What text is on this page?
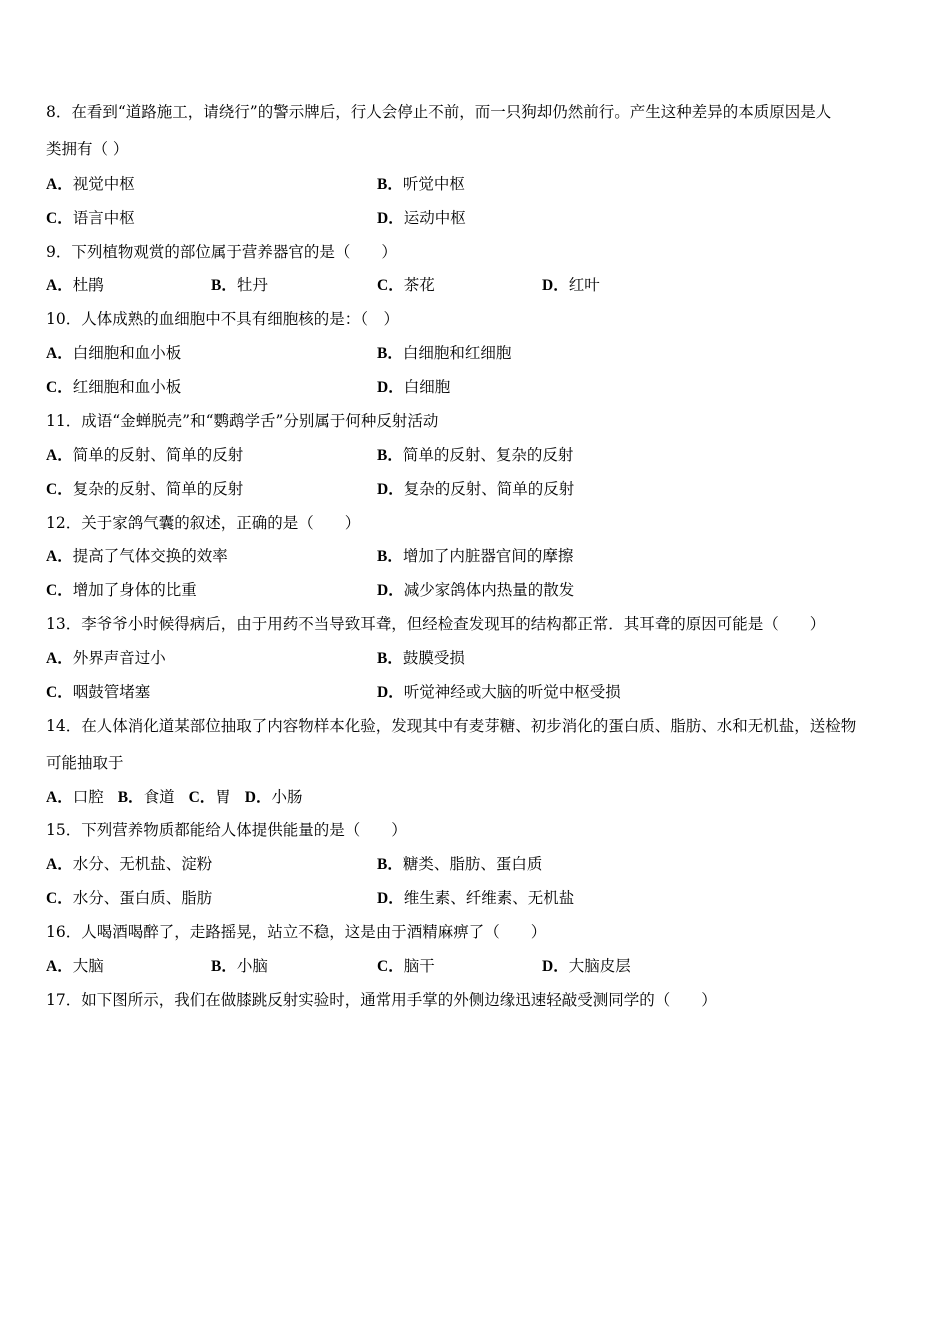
8．在看到“道路施工，请绕行”的警示牌后，行人会停止不前，而一只狗却仍然前行。产生这种差异的本质原因是人
类拥有（ ）
A．视觉中枢	B．听觉中枢
C．语言中枢	D．运动中枢
9．下列植物观赏的部位属于营养器官的是（　　）
A．杜鹃	B．牡丹	C．茶花	D．红叶
10．人体成熟的血细胞中不具有细胞核的是：（　）
A．白细胞和血小板	B．白细胞和红细胞
C．红细胞和血小板	D．白细胞
11．成语“金蝉脱壳”和“鹦鹉学舌”分别属于何种反射活动
A．简单的反射、简单的反射	B．简单的反射、复杂的反射
C．复杂的反射、简单的反射	D．复杂的反射、简单的反射
12．关于家鸽气囊的叙述，正确的是（　　）
A．提高了气体交换的效率	B．增加了内脏器官间的摩擦
C．增加了身体的比重	D．减少家鸽体内热量的散发
13．李爷爷小时候得病后，由于用药不当导致耳聋，但经检查发现耳的结构都正常．其耳聋的原因可能是（　　）
A．外界声音过小	B．鼓膜受损
C．咽鼓管堵塞	D．听觉神经或大脑的听觉中枢受损
14．在人体消化道某部位抽取了内容物样本化验，发现其中有麦芽糖、初步消化的蛋白质、脂肪、水和无机盐，送检物
可能抽取于
A．口腔 B．食道 C．胃 D．小肠
15．下列营养物质都能给人体提供能量的是（　　）
A．水分、无机盐、淀粉	B．糖类、脂肪、蛋白质
C．水分、蛋白质、脂肪	D．维生素、纤维素、无机盐
16．人喝酒喝醉了，走路摇晃，站立不稳，这是由于酒精麻痹了（　　）
A．大脑	B．小脑	C．脑干	D．大脑皮层
17．如下图所示，我们在做膝跳反射实验时，通常用手掌的外侧边缘迅速轻敲受测同学的（　　）
